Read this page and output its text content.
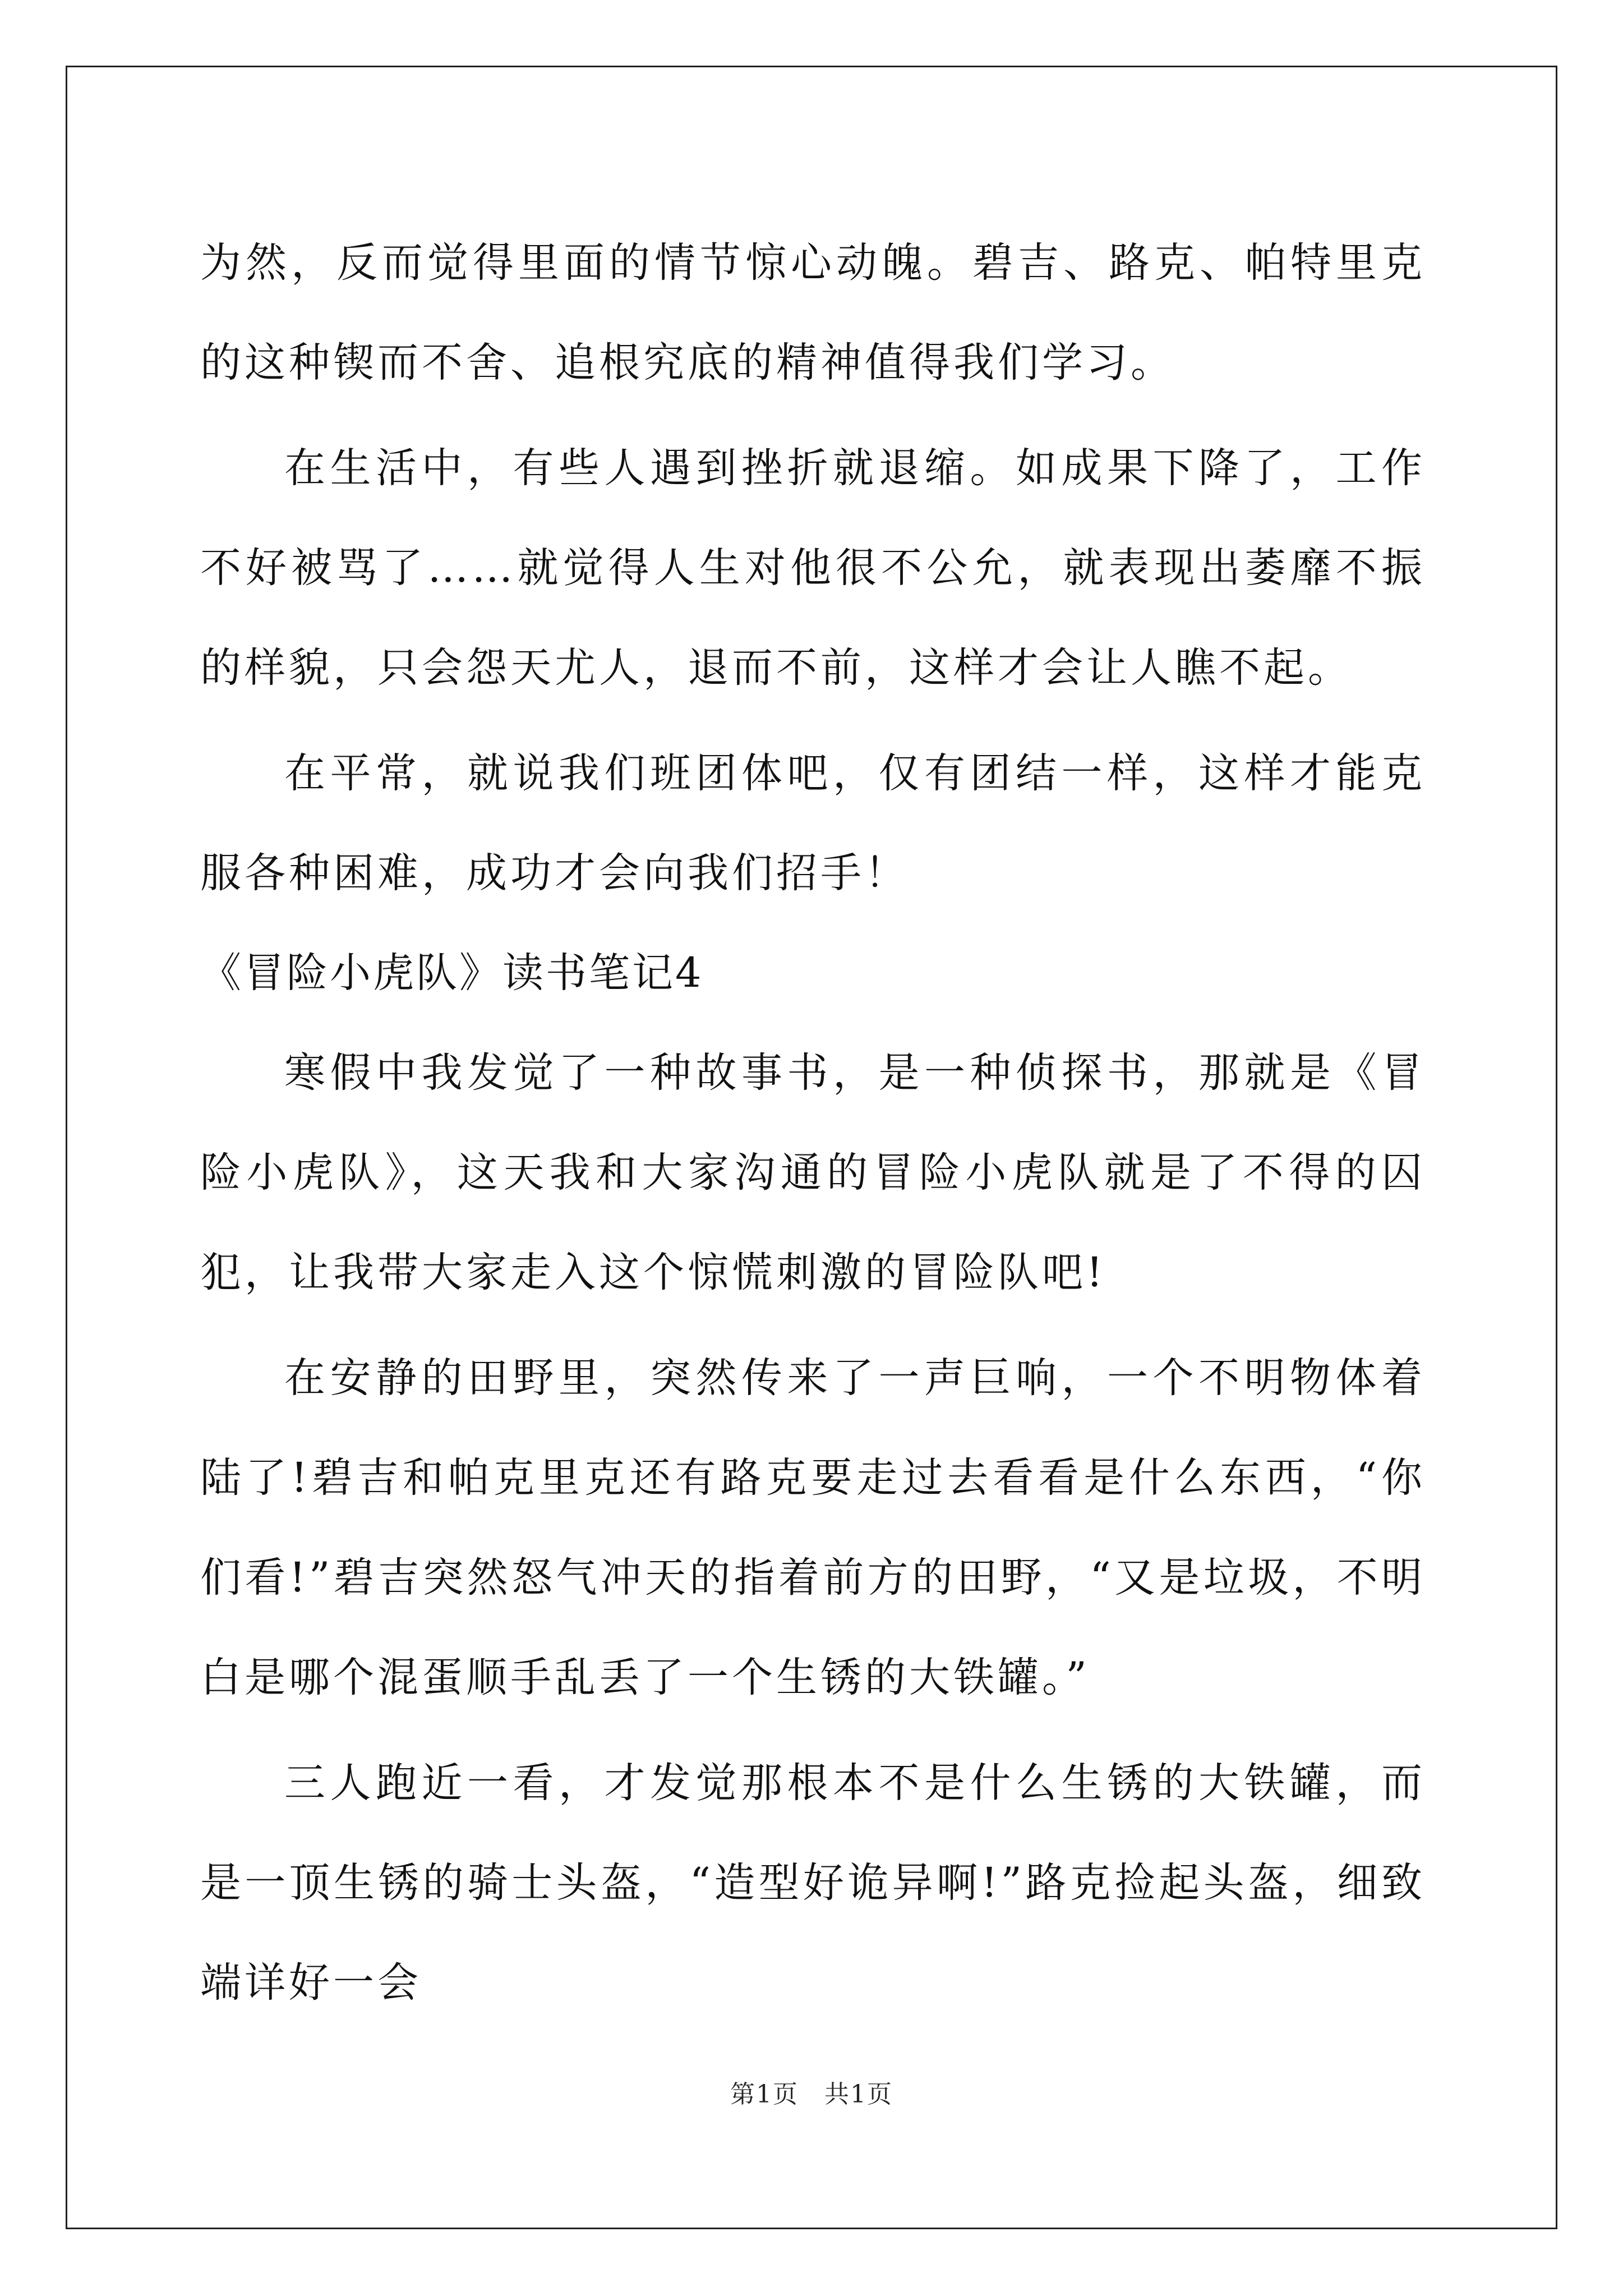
为然，反而觉得里面的情节惊心动魄。碧吉、路克、帕特里克的这种锲而不舍、追根究底的精神值得我们学习。

在生活中，有些人遇到挫折就退缩。如成果下降了，工作不好被骂了……就觉得人生对他很不公允，就表现出萎靡不振的样貌，只会怨天尤人，退而不前，这样才会让人瞧不起。

在平常，就说我们班团体吧，仅有团结一样，这样才能克服各种困难，成功才会向我们招手！

《冒险小虎队》读书笔记4

寒假中我发觉了一种故事书，是一种侦探书，那就是《冒险小虎队》，这天我和大家沟通的冒险小虎队就是了不得的囚犯，让我带大家走入这个惊慌刺激的冒险队吧!

在安静的田野里，突然传来了一声巨响，一个不明物体着陆了!碧吉和帕克里克还有路克要走过去看看是什么东西，“你们看!”碧吉突然怒气冲天的指着前方的田野，“又是垃圾，不明白是哪个混蛋顺手乱丢了一个生锈的大铁罐。”

三人跑近一看，才发觉那根本不是什么生锈的大铁罐，而是一顶生锈的骑士头盔，“造型好诡异啊!”路克捡起头盔，细致端详好一会

第1页　共1页
